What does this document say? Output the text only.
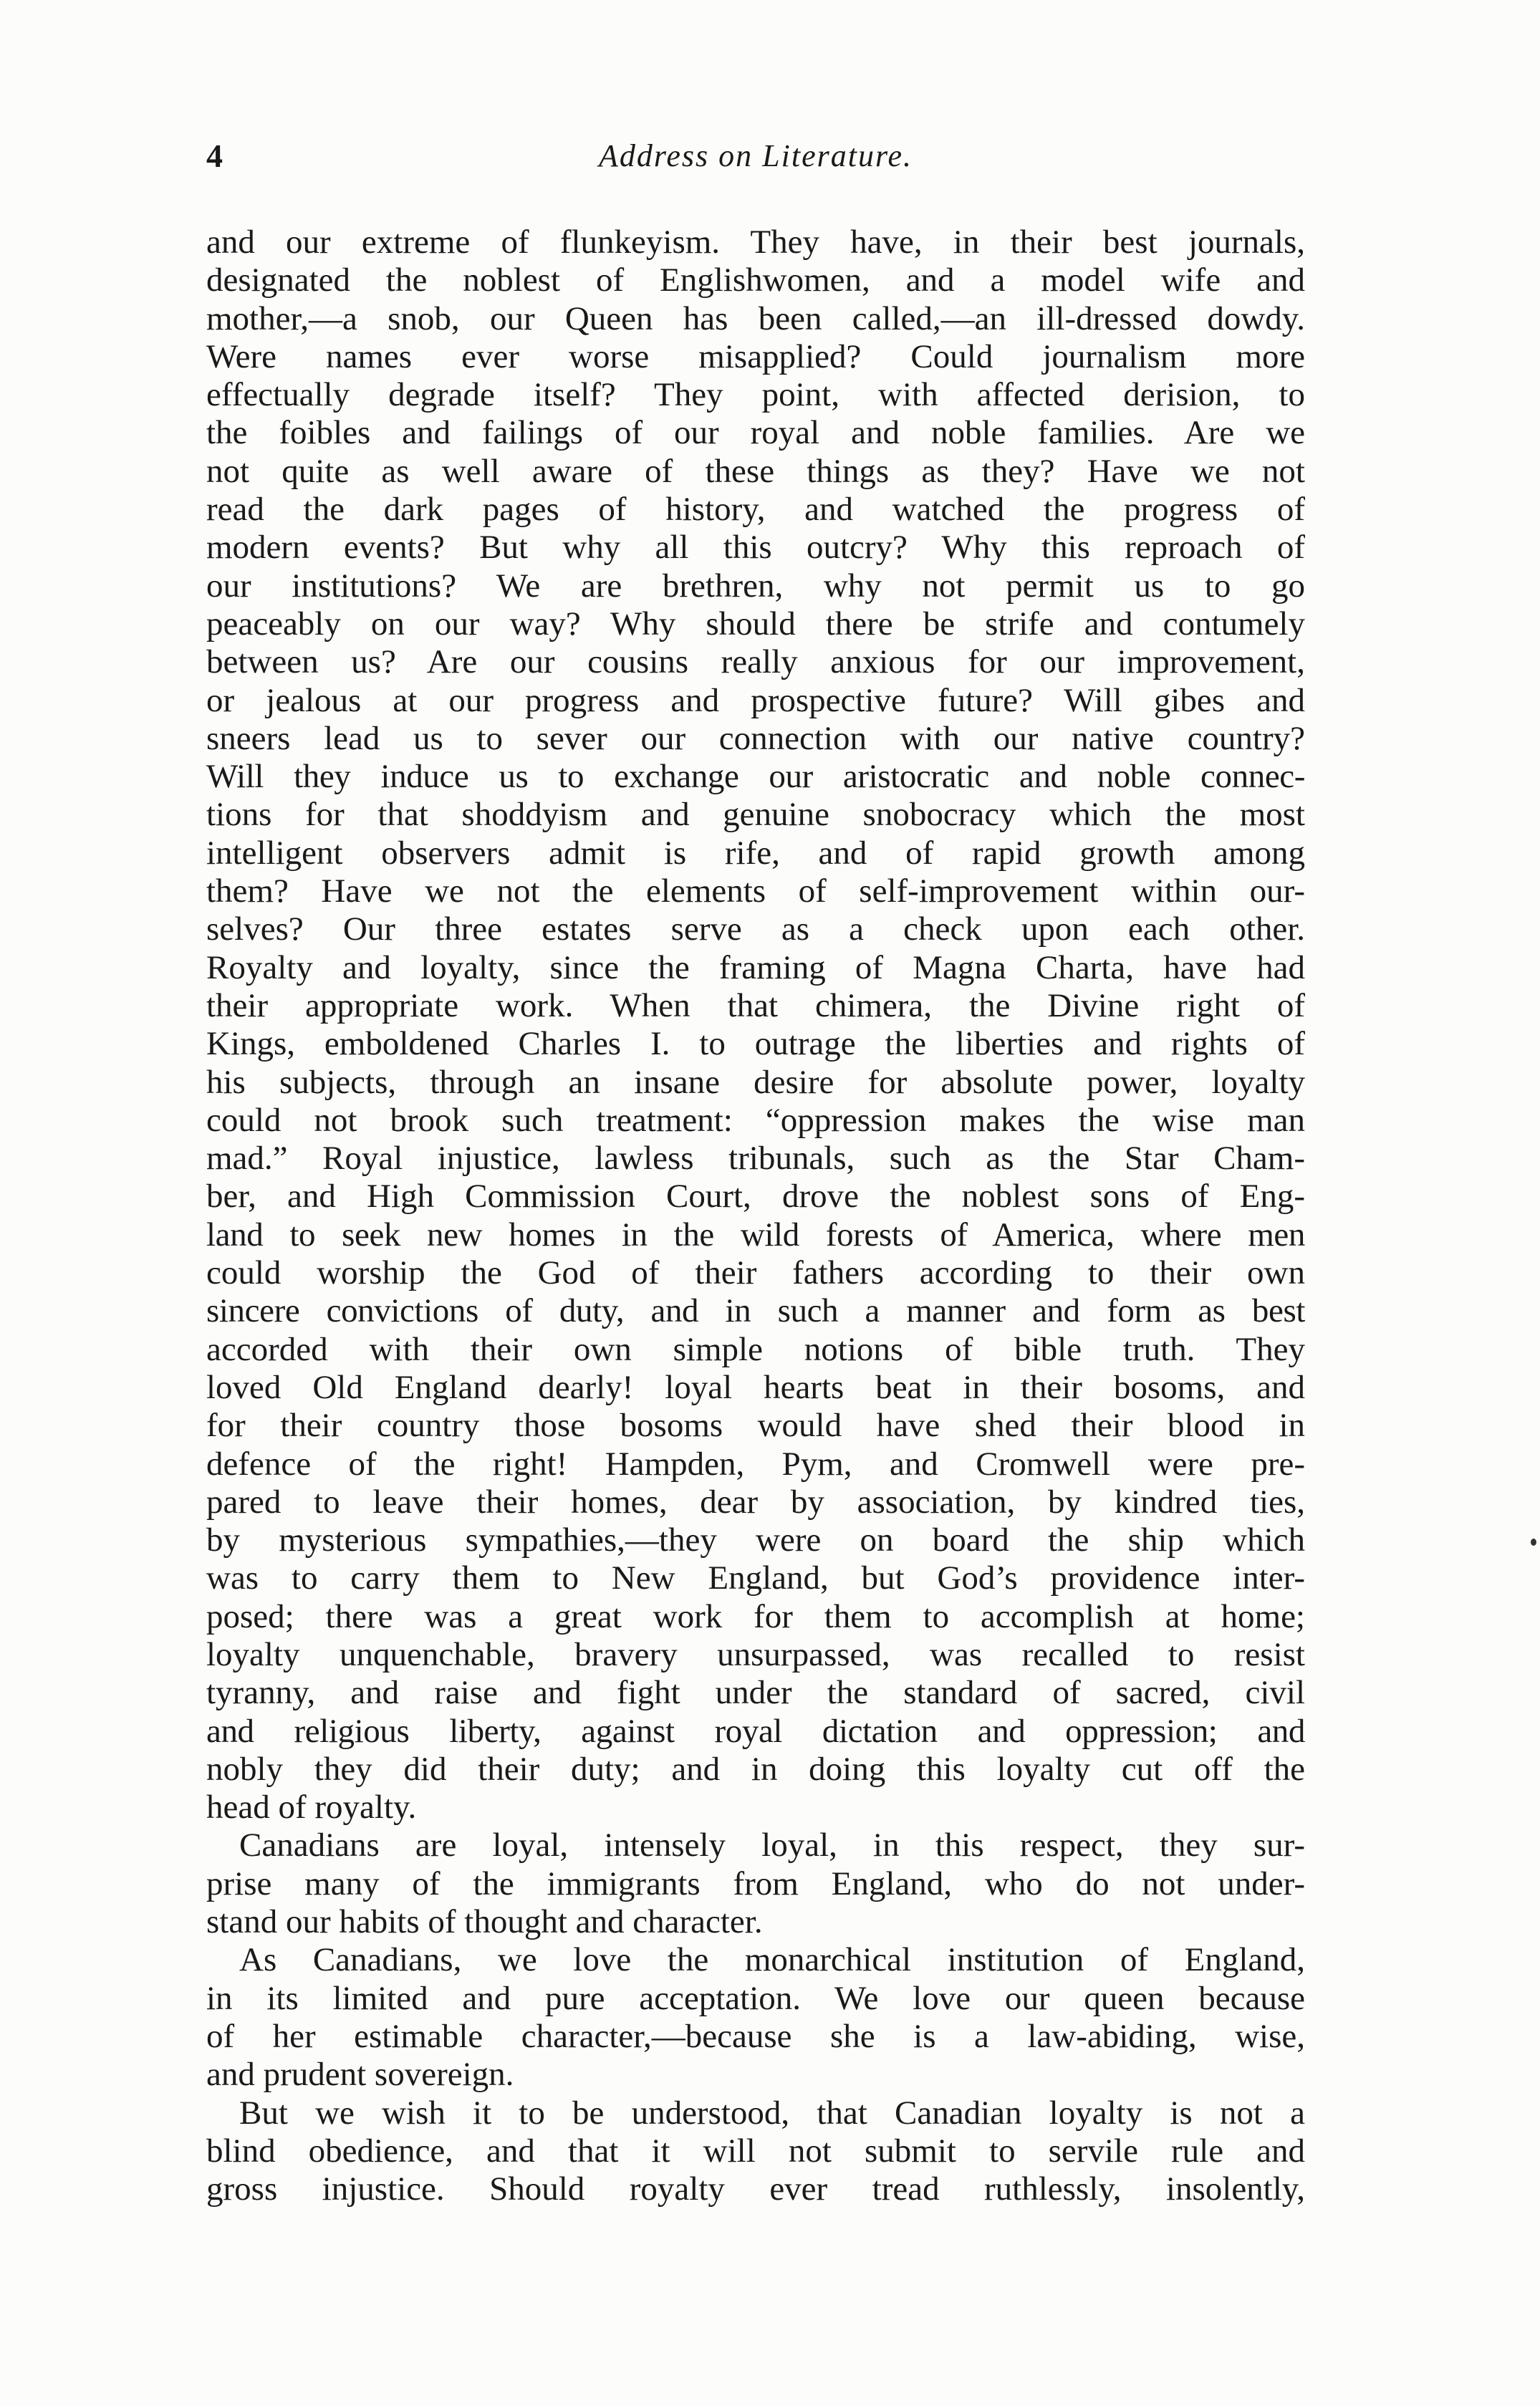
4	Address on Literature.
and our extreme of flunkeyism. They have, in their best journals,
designated the noblest of Englishwomen, and a model wife and
mother,—a snob, our Queen has been called,—an ill-dressed dowdy.
Were names ever worse misapplied? Could journalism more
effectually degrade itself? They point, with affected derision, to
the foibles and failings of our royal and noble families. Are we
not quite as well aware of these things as they? Have we not
read the dark pages of history, and watched the progress of
modern events? But why all this outcry? Why this reproach of
our institutions? We are brethren, why not permit us to go
peaceably on our way? Why should there be strife and contumely
between us? Are our cousins really anxious for our improvement,
or jealous at our progress and prospective future? Will gibes and
sneers lead us to sever our connection with our native country?
Will they induce us to exchange our aristocratic and noble connec-
tions for that shoddyism and genuine snobocracy which the most
intelligent observers admit is rife, and of rapid growth among
them? Have we not the elements of self-improvement within our-
selves? Our three estates serve as a check upon each other.
Royalty and loyalty, since the framing of Magna Charta, have had
their appropriate work. When that chimera, the Divine right of
Kings, emboldened Charles I. to outrage the liberties and rights of
his subjects, through an insane desire for absolute power, loyalty
could not brook such treatment: “oppression makes the wise man
mad.” Royal injustice, lawless tribunals, such as the Star Cham-
ber, and High Commission Court, drove the noblest sons of Eng-
land to seek new homes in the wild forests of America, where men
could worship the God of their fathers according to their own
sincere convictions of duty, and in such a manner and form as best
accorded with their own simple notions of bible truth. They
loved Old England dearly! loyal hearts beat in their bosoms, and
for their country those bosoms would have shed their blood in
defence of the right! Hampden, Pym, and Cromwell were pre-
pared to leave their homes, dear by association, by kindred ties,
by mysterious sympathies,—they were on board the ship which
was to carry them to New England, but God’s providence inter-
posed; there was a great work for them to accomplish at home;
loyalty unquenchable, bravery unsurpassed, was recalled to resist
tyranny, and raise and fight under the standard of sacred, civil
and religious liberty, against royal dictation and oppression; and
nobly they did their duty; and in doing this loyalty cut off the
head of royalty.
Canadians are loyal, intensely loyal, in this respect, they sur-
prise many of the immigrants from England, who do not under-
stand our habits of thought and character.
As Canadians, we love the monarchical institution of England,
in its limited and pure acceptation. We love our queen because
of her estimable character,—because she is a law-abiding, wise,
and prudent sovereign.
But we wish it to be understood, that Canadian loyalty is not a
blind obedience, and that it will not submit to servile rule and
gross injustice. Should royalty ever tread ruthlessly, insolently,
